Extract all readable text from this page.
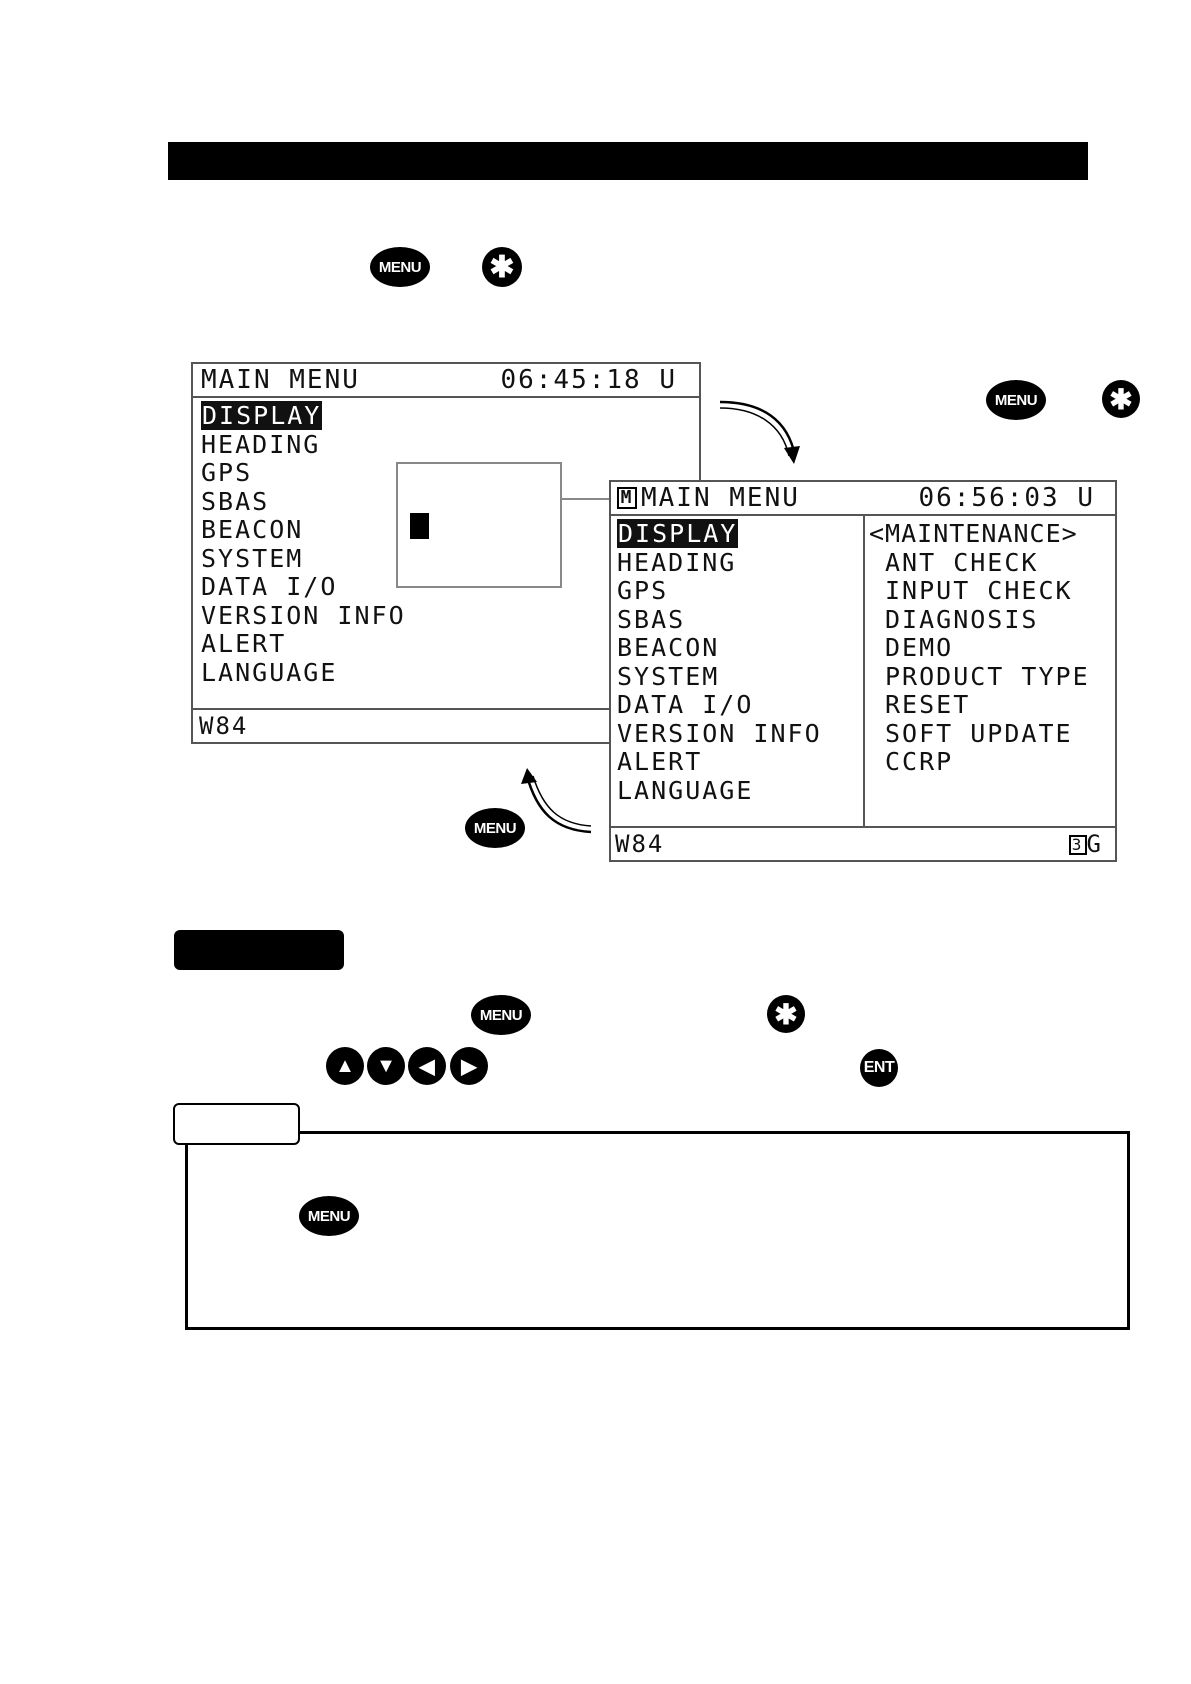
MENU ✱
MAIN MENU	06:45:18 U
DISPLAY
HEADING
GPS
SBAS
BEACON
SYSTEM
DATA I/O
VERSION INFO
ALERT
LANGUAGE
W84
MENU	✱
MENU
M MAIN MENU	06:56:03 U
DISPLAY
HEADING
GPS
SBAS
BEACON
SYSTEM
DATA I/O
VERSION INFO
ALERT
LANGUAGE
<MAINTENANCE>
ANT CHECK
INPUT CHECK
DIAGNOSIS
DEMO
PRODUCT TYPE
RESET
SOFT UPDATE
CCRP
W84	3 G
MENU	✱
▲	▼	◀	▶	ENT
MENU
